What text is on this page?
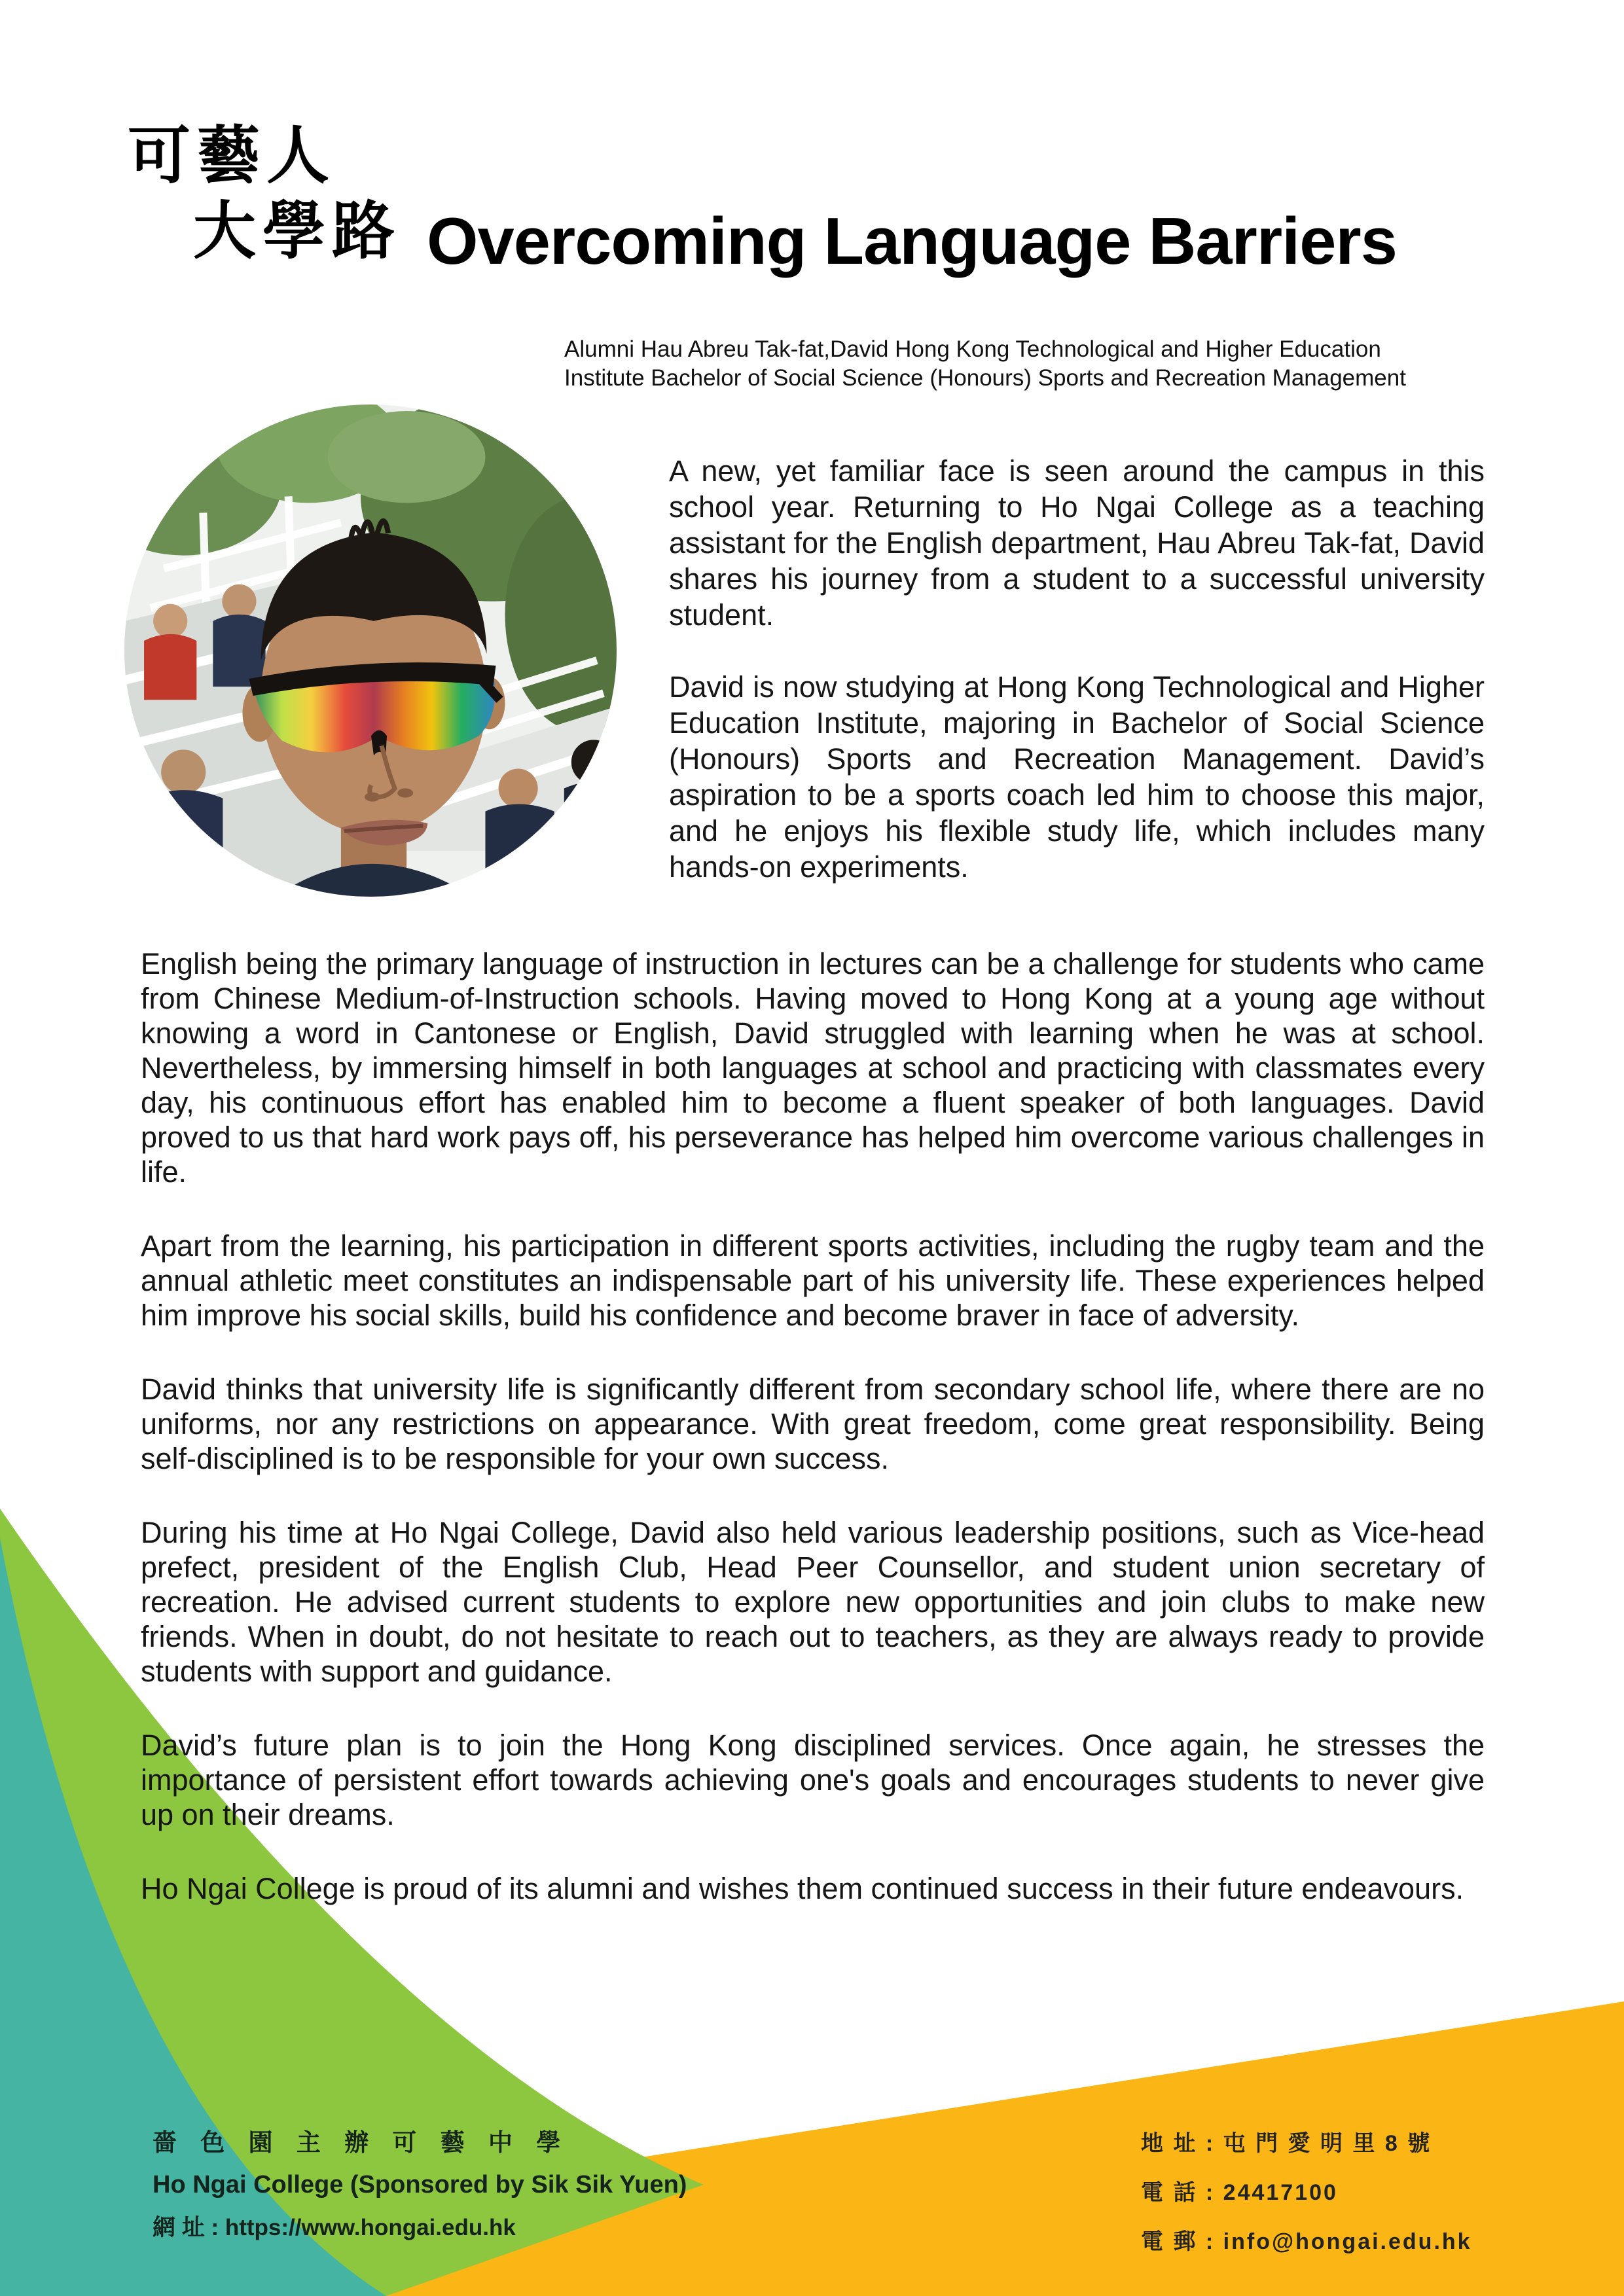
可藝人
大學路 Overcoming Language Barriers
Alumni Hau Abreu Tak-fat,David Hong Kong Technological and Higher Education
Institute Bachelor of Social Science (Honours) Sports and Recreation Management

A new, yet familiar face is seen around the campus in this school year. Returning to Ho Ngai College as a teaching assistant for the English department, Hau Abreu Tak-fat, David shares his journey from a student to a successful university student.

David is now studying at Hong Kong Technological and Higher Education Institute, majoring in Bachelor of Social Science (Honours) Sports and Recreation Management. David’s aspiration to be a sports coach led him to choose this major, and he enjoys his flexible study life, which includes many hands-on experiments.

English being the primary language of instruction in lectures can be a challenge for students who came from Chinese Medium-of-Instruction schools. Having moved to Hong Kong at a young age without knowing a word in Cantonese or English, David struggled with learning when he was at school. Nevertheless, by immersing himself in both languages at school and practicing with classmates every day, his continuous effort has enabled him to become a fluent speaker of both languages. David proved to us that hard work pays off, his perseverance has helped him overcome various challenges in life.

Apart from the learning, his participation in different sports activities, including the rugby team and the annual athletic meet constitutes an indispensable part of his university life. These experiences helped him improve his social skills, build his confidence and become braver in face of adversity.

David thinks that university life is significantly different from secondary school life, where there are no uniforms, nor any restrictions on appearance. With great freedom, come great responsibility. Being self-disciplined is to be responsible for your own success.

During his time at Ho Ngai College, David also held various leadership positions, such as Vice-head prefect, president of the English Club, Head Peer Counsellor, and student union secretary of recreation. He advised current students to explore new opportunities and join clubs to make new friends. When in doubt, do not hesitate to reach out to teachers, as they are always ready to provide students with support and guidance.

David’s future plan is to join the Hong Kong disciplined services. Once again, he stresses the importance of persistent effort towards achieving one's goals and encourages students to never give up on their dreams.

Ho Ngai College is proud of its alumni and wishes them continued success in their future endeavours.

嗇 色 園 主 辦 可 藝 中 學
Ho Ngai College (Sponsored by Sik Sik Yuen)
網 址 : https://www.hongai.edu.hk
地 址 : 屯 門 愛 明 里 8 號
電 話 : 24417100
電 郵 : info@hongai.edu.hk
